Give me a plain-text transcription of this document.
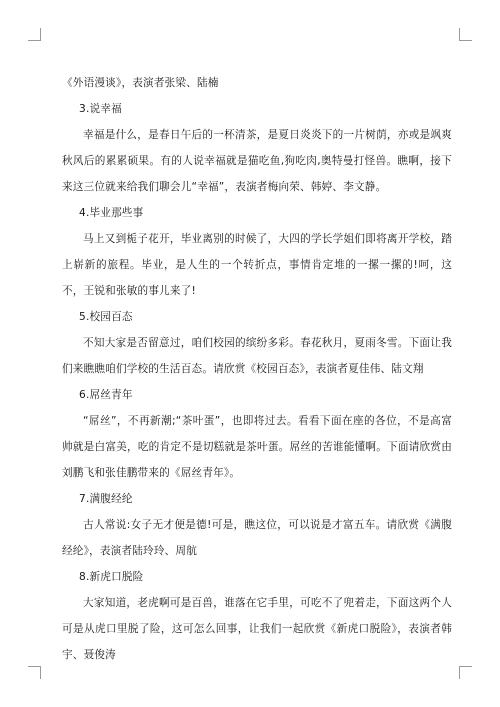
《外语漫谈》，表演者张梁、陆楠

3.说幸福

幸福是什么，是春日午后的一杯清茶，是夏日炎炎下的一片树荫，亦或是飒爽秋风后的累累硕果。有的人说幸福就是猫吃鱼,狗吃肉,奥特曼打怪兽。瞧啊，接下来这三位就来给我们聊会儿“幸福”，表演者梅向荣、韩婷、李文静。

4.毕业那些事

马上又到栀子花开，毕业离别的时候了，大四的学长学姐们即将离开学校，踏上崭新的旅程。毕业，是人生的一个转折点，事情肯定堆的一摞一摞的!呵，这不，王锐和张敏的事儿来了!

5.校园百态

不知大家是否留意过，咱们校园的缤纷多彩。春花秋月，夏雨冬雪。下面让我们来瞧瞧咱们学校的生活百态。请欣赏《校园百态》，表演者夏佳伟、陆文翔

6.屌丝青年

“屌丝”，不再新潮;“茶叶蛋”，也即将过去。看看下面在座的各位，不是高富帅就是白富美，吃的肯定不是切糕就是茶叶蛋。屌丝的苦谁能懂啊。下面请欣赏由刘鹏飞和张佳鹏带来的《屌丝青年》。

7.满腹经纶

古人常说:女子无才便是德!可是，瞧这位，可以说是才富五车。请欣赏《满腹经纶》，表演者陆玲玲、周航

8.新虎口脱险

大家知道，老虎啊可是百兽，谁落在它手里，可吃不了兜着走，下面这两个人可是从虎口里脱了险，这可怎么回事，让我们一起欣赏《新虎口脱险》，表演者韩宇、聂俊涛
